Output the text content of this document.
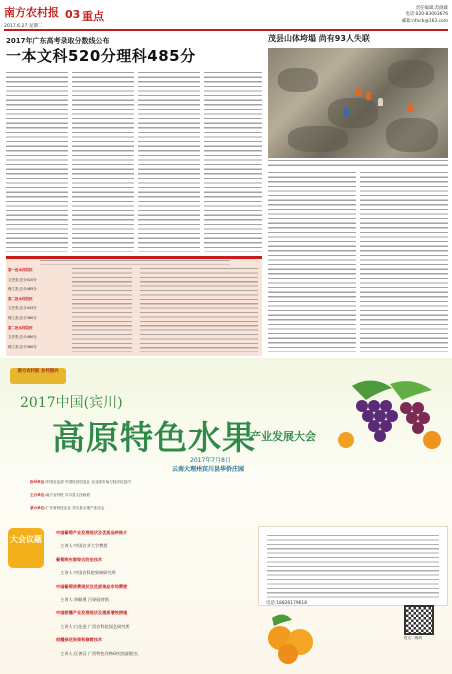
南方农村报
2017.6.27 星期二
03 重点
责任编辑:苏晓雄
电话:020-83003676
邮箱:nfncb@163.com
2017年广东高考录取分数线公布
一本文科520分理科485分
茂县山体垮塌 尚有93人失联
第一批本科院校
文史类:总分520分
理工类:总分485分
第二批本科院校
文史类:总分443分
理工类:总分380分
第二批本科院校
文史类:总分480分
理工类:总分360分
南方农村报 乡村振兴
2017中国(宾川)
高原特色水果
产业发展大会
2017年7月8日
云南大理州宾川县华侨庄园
指导单位:中国农业部 中国经济信息社 农业部市场与经济信息司
主办单位:南方农村报 宾川县人民政府
承办单位:广东省科技企业 宾川县水果产业协会
大会议题
中国葡萄产业发展现状及优质品种推介
主讲人:中国农业大学教授
葡萄病虫害综合防治技术
主讲人:中国农科院果树研究所
中国葡萄消费现状及优质果品市场需要
主讲人:余顺勇 百果园营销
中国柑橘产业发展现状及提质增效措施
主讲人:白先进 广西农科院园艺研究所
柑橘保花保果和修剪技术
主讲人:区善汉 广西特色作物研究院副院长
电话:18826179618
报名二维码
